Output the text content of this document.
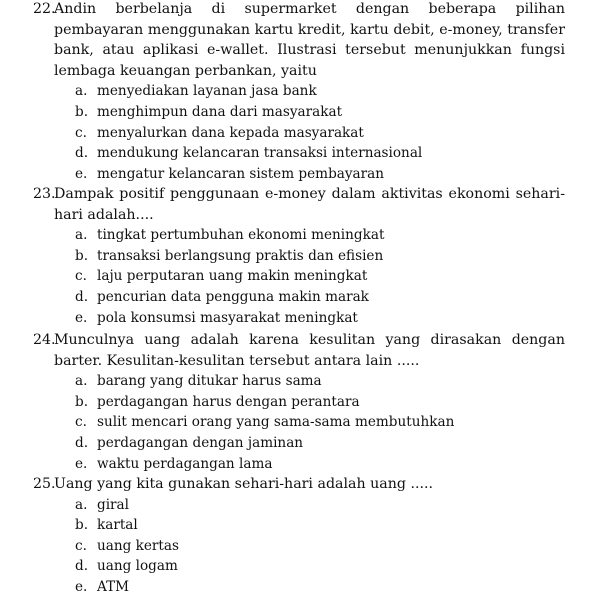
22.
Andin berbelanja di supermarket dengan beberapa pilihan pembayaran menggunakan kartu kredit, kartu debit, e-money, transfer bank, atau aplikasi e-wallet. Ilustrasi tersebut menunjukkan fungsi lembaga keuangan perbankan, yaitu
a. menyediakan layanan jasa bank
b. menghimpun dana dari masyarakat
c. menyalurkan dana kepada masyarakat
d. mendukung kelancaran transaksi internasional
e. mengatur kelancaran sistem pembayaran
23.
Dampak positif penggunaan e-money dalam aktivitas ekonomi sehari-hari adalah....
a. tingkat pertumbuhan ekonomi meningkat
b. transaksi berlangsung praktis dan efisien
c. laju perputaran uang makin meningkat
d. pencurian data pengguna makin marak
e. pola konsumsi masyarakat meningkat
24.
Munculnya uang adalah karena kesulitan yang dirasakan dengan barter. Kesulitan-kesulitan tersebut antara lain .....
a. barang yang ditukar harus sama
b. perdagangan harus dengan perantara
c. sulit mencari orang yang sama-sama membutuhkan
d. perdagangan dengan jaminan
e. waktu perdagangan lama
25.
Uang yang kita gunakan sehari-hari adalah uang .....
a. giral
b. kartal
c. uang kertas
d. uang logam
e. ATM
